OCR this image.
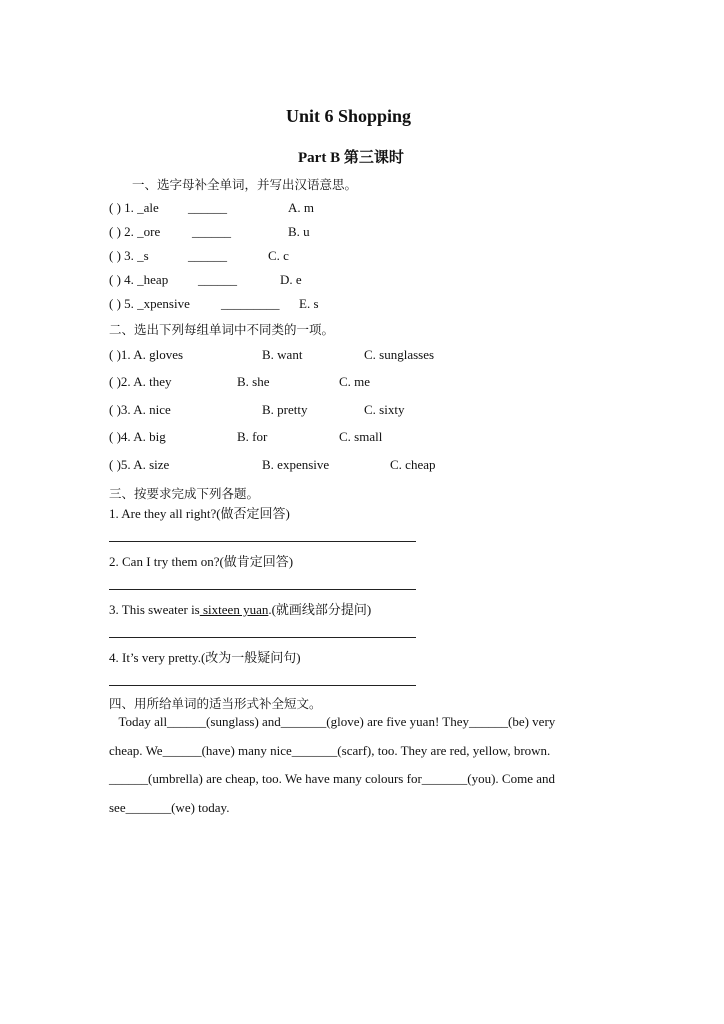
Unit 6 Shopping
Part B 第三课时
一、选字母补全单词，并写出汉语意思。
( ) 1. _ale ______	A. m
( ) 2. _ore ______	B. u
( ) 3. _s	______	C. c
( ) 4. _heap ______	D. e
( ) 5. _xpensive _________ E. s
二、选出下列每组单词中不同类的一项。
( )1. A. gloves	B. want	C. sunglasses
( )2. A. they	B. she	C. me
( )3. A. nice	B. pretty	C. sixty
( )4. A. big	B. for	C. small
( )5. A. size	B. expensive	C. cheap
三、按要求完成下列各题。
1. Are they all right?(做否定回答)
2. Can I try them on?(做肯定回答)
3. This sweater is sixteen yuan.(就画线部分提问)
4. It’s very pretty.(改为一般疑问句)
四、用所给单词的适当形式补全短文。
Today all______(sunglass) and_______(glove) are five yuan! They______(be) very
cheap. We______(have) many nice_______(scarf), too. They are red, yellow, brown.
______(umbrella) are cheap, too. We have many colours for_______(you). Come and
see_______(we) today.
